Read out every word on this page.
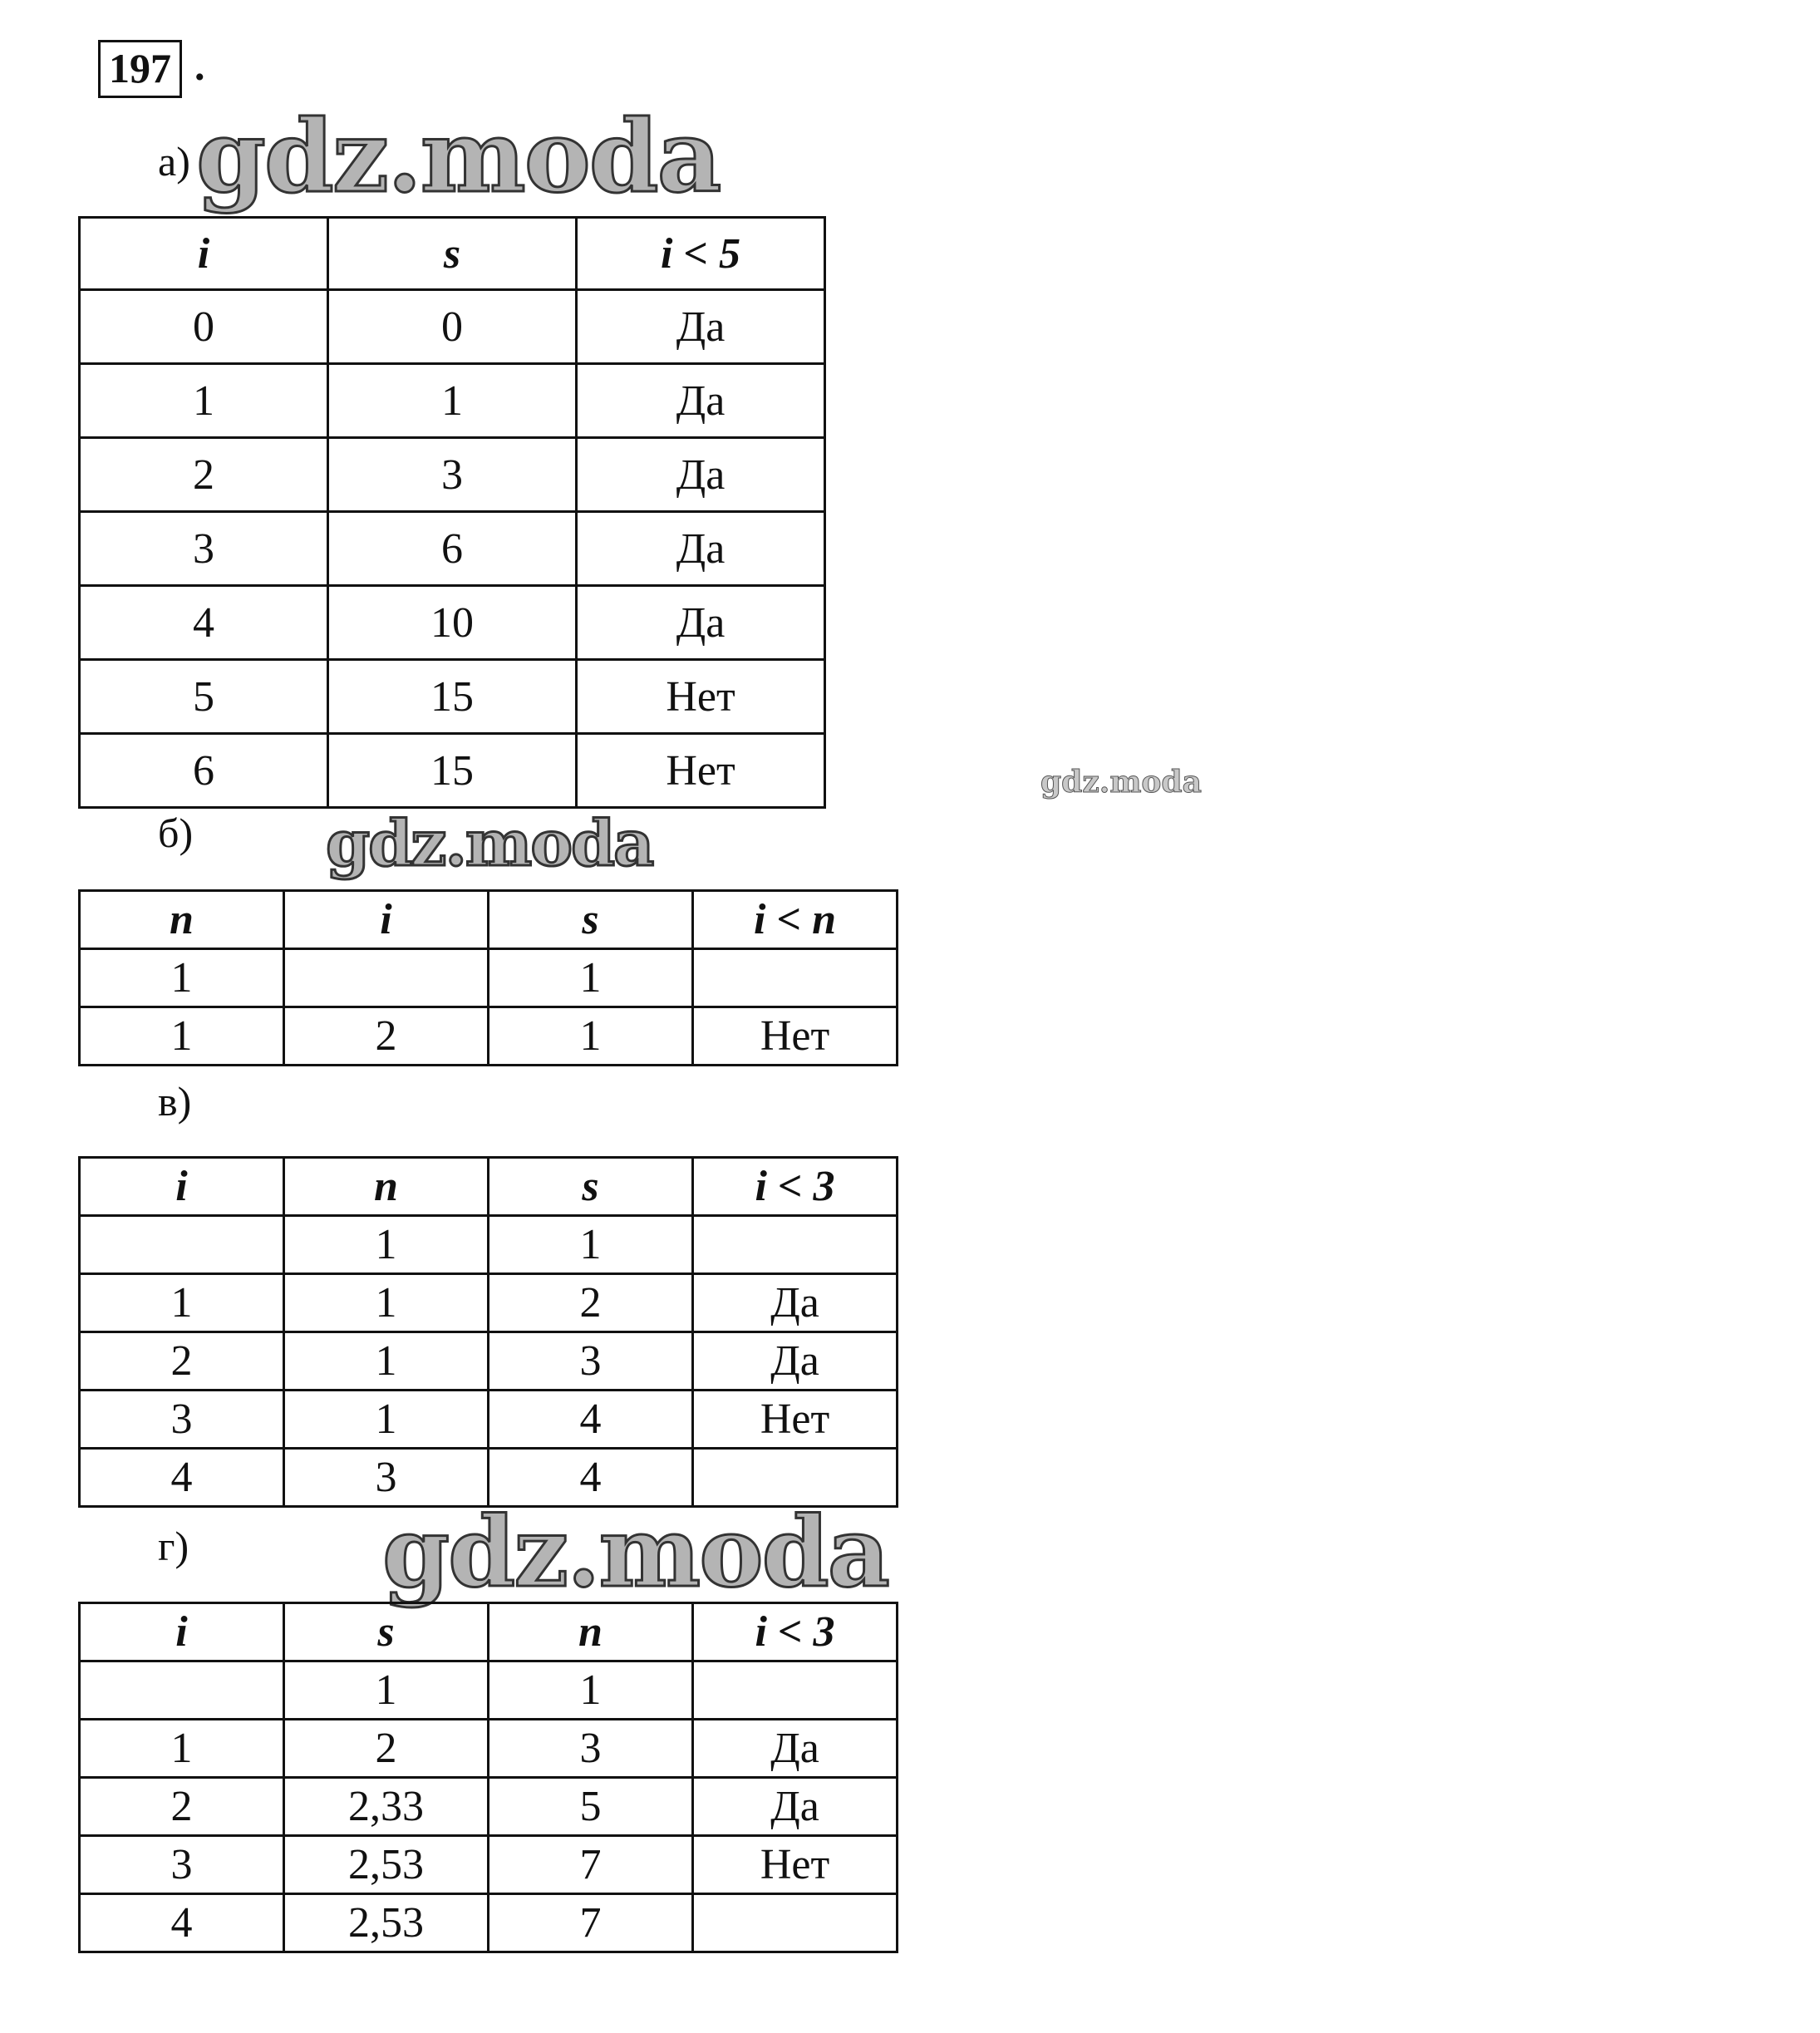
197 .
а) gdz.moda
i	s	i < 5
0	0	Да
1	1	Да
2	3	Да
3	6	Да
4	10	Да
5	15	Нет
6	15	Нет	gdz.moda
б) gdz.moda
n	i	s	i < n
1		1	
1	2	1	Нет
в)
i	n	s	i < 3
	1	1	
1	1	2	Да
2	1	3	Да
3	1	4	Нет
4	3	4	
г) gdz.moda
i	s	n	i < 3
	1	1	
1	2	3	Да
2	2,33	5	Да
3	2,53	7	Нет
4	2,53	7	
